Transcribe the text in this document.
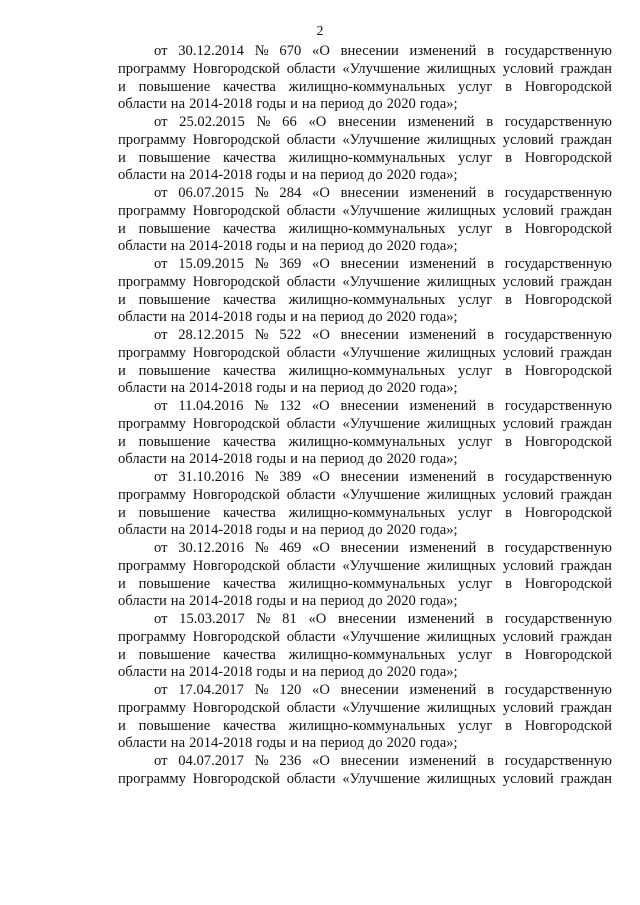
2
от 30.12.2014 № 670 «О внесении изменений в государственную
программу Новгородской области «Улучшение жилищных условий граждан
и повышение качества жилищно-коммунальных услуг в Новгородской
области на 2014-2018 годы и на период до 2020 года»;
от 25.02.2015 № 66 «О внесении изменений в государственную
программу Новгородской области «Улучшение жилищных условий граждан
и повышение качества жилищно-коммунальных услуг в Новгородской
области на 2014-2018 годы и на период до 2020 года»;
от 06.07.2015 № 284 «О внесении изменений в государственную
программу Новгородской области «Улучшение жилищных условий граждан
и повышение качества жилищно-коммунальных услуг в Новгородской
области на 2014-2018 годы и на период до 2020 года»;
от 15.09.2015 № 369 «О внесении изменений в государственную
программу Новгородской области «Улучшение жилищных условий граждан
и повышение качества жилищно-коммунальных услуг в Новгородской
области на 2014-2018 годы и на период до 2020 года»;
от 28.12.2015 № 522 «О внесении изменений в государственную
программу Новгородской области «Улучшение жилищных условий граждан
и повышение качества жилищно-коммунальных услуг в Новгородской
области на 2014-2018 годы и на период до 2020 года»;
от 11.04.2016 № 132 «О внесении изменений в государственную
программу Новгородской области «Улучшение жилищных условий граждан
и повышение качества жилищно-коммунальных услуг в Новгородской
области на 2014-2018 годы и на период до 2020 года»;
от 31.10.2016 № 389 «О внесении изменений в государственную
программу Новгородской области «Улучшение жилищных условий граждан
и повышение качества жилищно-коммунальных услуг в Новгородской
области на 2014-2018 годы и на период до 2020 года»;
от 30.12.2016 № 469 «О внесении изменений в государственную
программу Новгородской области «Улучшение жилищных условий граждан
и повышение качества жилищно-коммунальных услуг в Новгородской
области на 2014-2018 годы и на период до 2020 года»;
от 15.03.2017 № 81 «О внесении изменений в государственную
программу Новгородской области «Улучшение жилищных условий граждан
и повышение качества жилищно-коммунальных услуг в Новгородской
области на 2014-2018 годы и на период до 2020 года»;
от 17.04.2017 № 120 «О внесении изменений в государственную
программу Новгородской области «Улучшение жилищных условий граждан
и повышение качества жилищно-коммунальных услуг в Новгородской
области на 2014-2018 годы и на период до 2020 года»;
от 04.07.2017 № 236 «О внесении изменений в государственную
программу Новгородской области «Улучшение жилищных условий граждан
